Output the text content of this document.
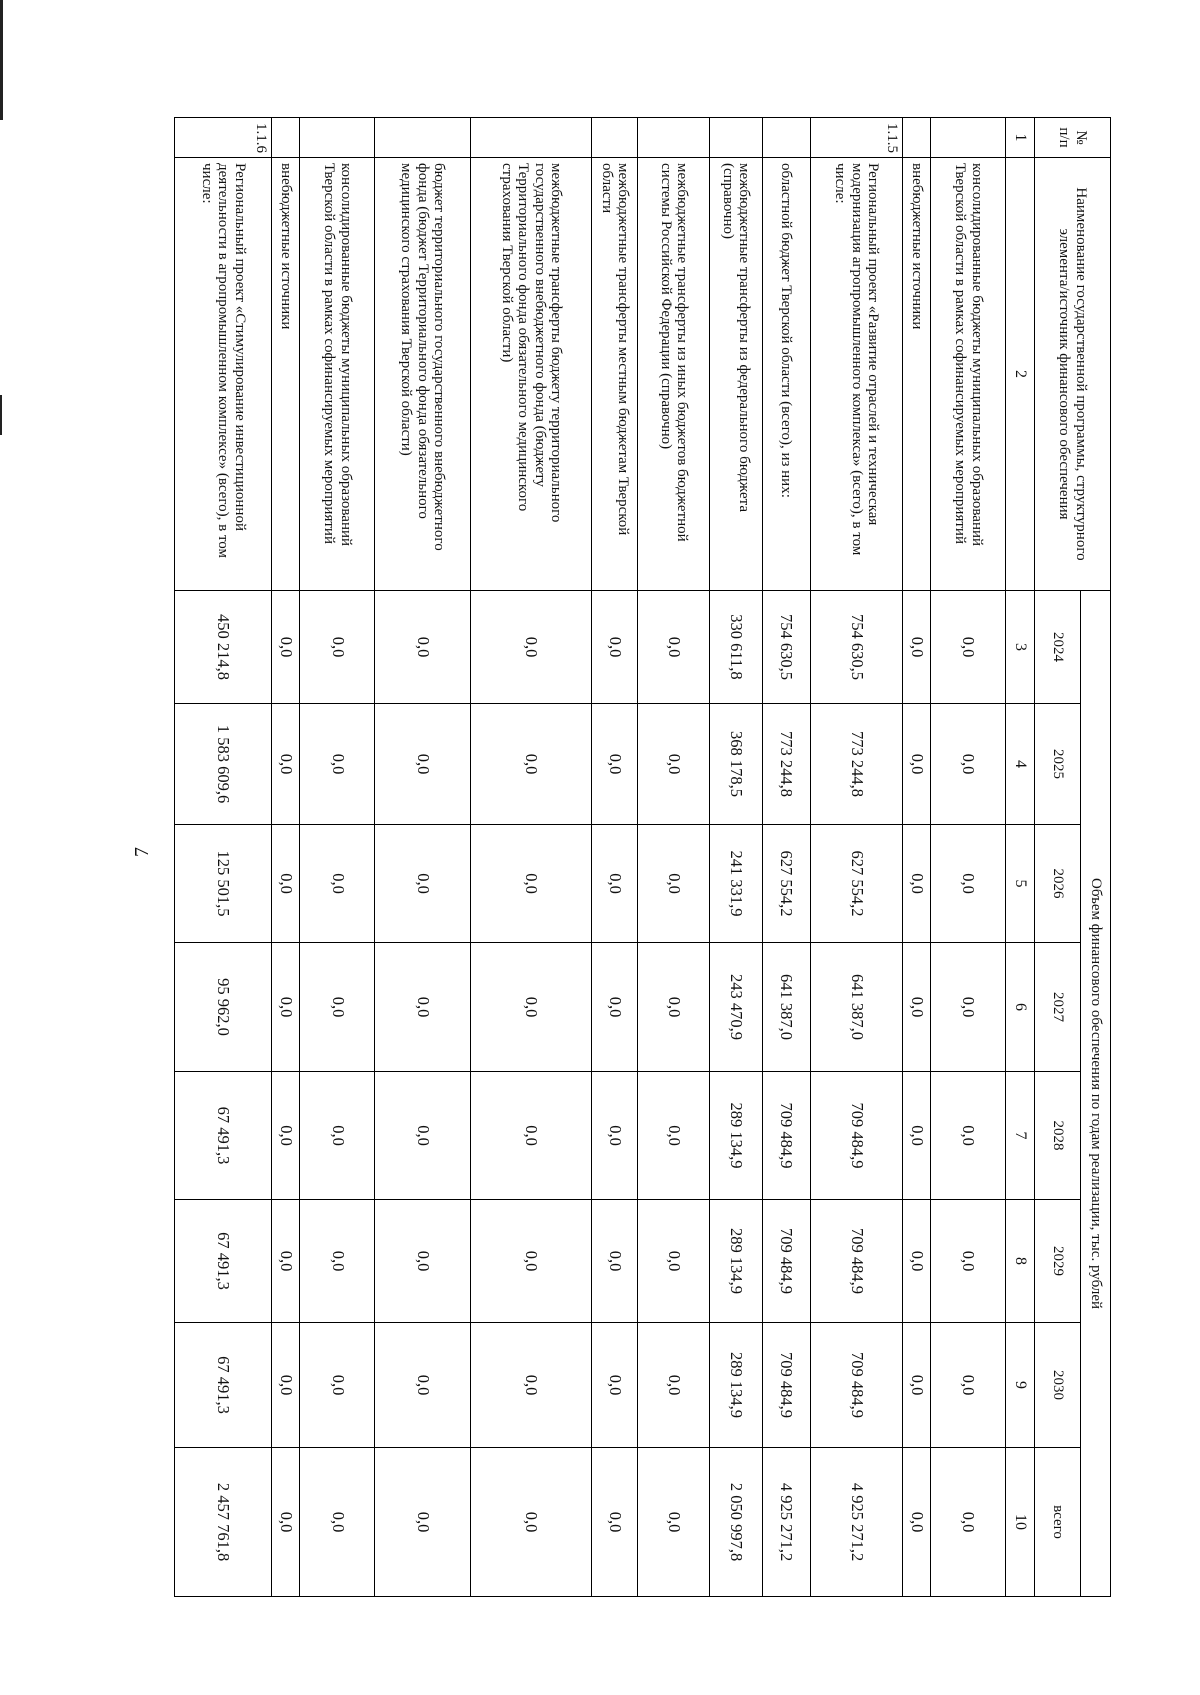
7
№ п/п	Наименование государственной программы, структурного элемента/источник финансового обеспечения	Объем финансового обеспечения по годам реализации, тыс. рублей							
		2024	2025	2026	2027	2028	2029	2030	всего
1	2	3	4	5	6	7	8	9	10
	консолидированные бюджеты муниципальных образований Тверской области в рамках софинансируемых мероприятий	0,0	0,0	0,0	0,0	0,0	0,0	0,0	0,0
	внебюджетные источники	0,0	0,0	0,0	0,0	0,0	0,0	0,0	0,0
1.1.5	Региональный проект «Развитие отраслей и техническая модернизация агропромышленного комплекса» (всего), в том числе:	754 630,5	773 244,8	627 554,2	641 387,0	709 484,9	709 484,9	709 484,9	4 925 271,2
	областной бюджет Тверской области (всего), из них:	754 630,5	773 244,8	627 554,2	641 387,0	709 484,9	709 484,9	709 484,9	4 925 271,2
	межбюджетные трансферты из федерального бюджета (справочно)	330 611,8	368 178,5	241 331,9	243 470,9	289 134,9	289 134,9	289 134,9	2 050 997,8
	межбюджетные трансферты из иных бюджетов бюджетной системы Российской Федерации (справочно)	0,0	0,0	0,0	0,0	0,0	0,0	0,0	0,0
	межбюджетные трансферты местным бюджетам Тверской области	0,0	0,0	0,0	0,0	0,0	0,0	0,0	0,0
	межбюджетные трансферты бюджету территориального государственного внебюджетного фонда (бюджету Территориального фонда обязательного медицинского страхования Тверской области)	0,0	0,0	0,0	0,0	0,0	0,0	0,0	0,0
	бюджет территориального государственного внебюджетного фонда (бюджет Территориального фонда обязательного медицинского страхования Тверской области)	0,0	0,0	0,0	0,0	0,0	0,0	0,0	0,0
	консолидированные бюджеты муниципальных образований Тверской области в рамках софинансируемых мероприятий	0,0	0,0	0,0	0,0	0,0	0,0	0,0	0,0
	внебюджетные источники	0,0	0,0	0,0	0,0	0,0	0,0	0,0	0,0
1.1.6	Региональный проект «Стимулирование инвестиционной деятельности в агропромышленном комплексе» (всего), в том числе:	450 214,8	1 583 609,6	125 501,5	95 962,0	67 491,3	67 491,3	67 491,3	2 457 761,8
